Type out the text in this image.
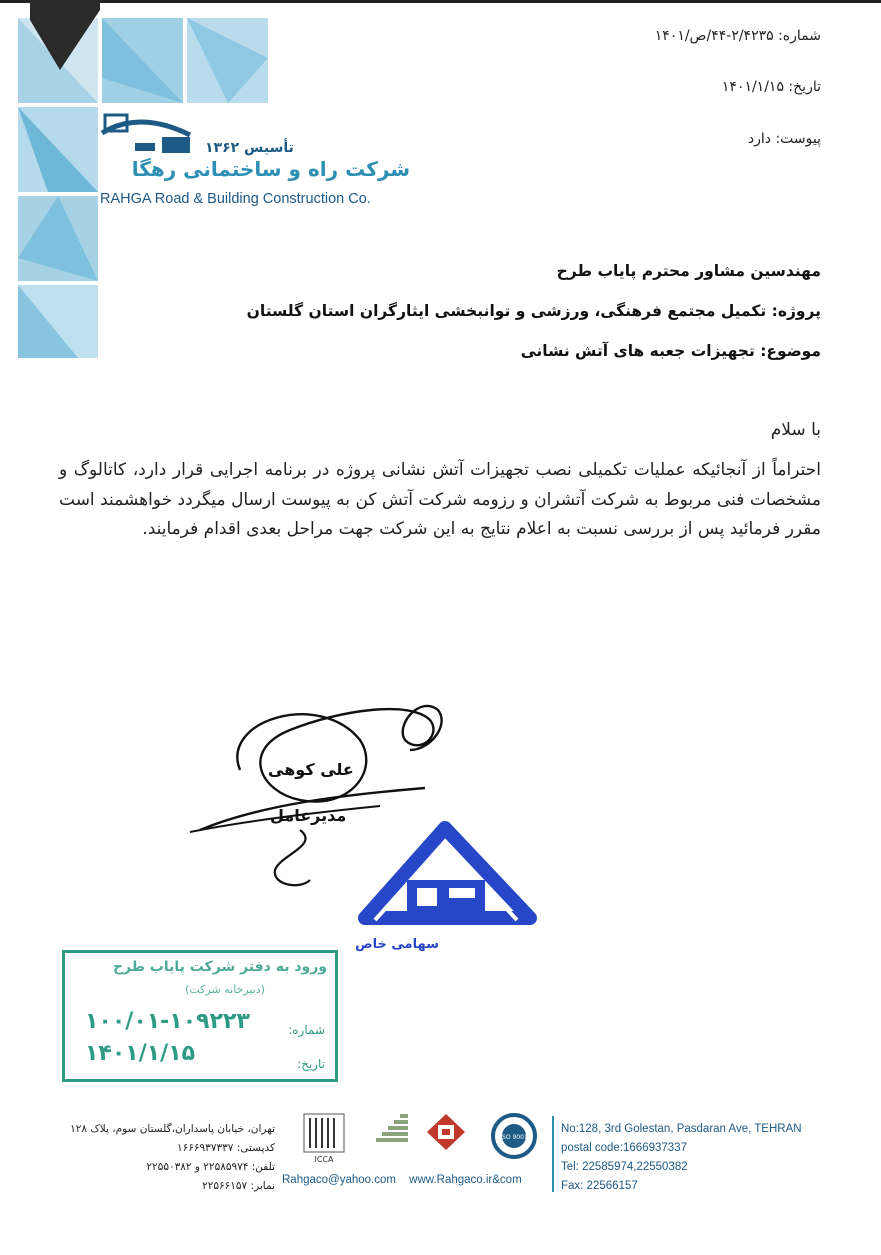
تأسیس ۱۳۶۲
شرکت راه و ساختمانی رهگا
RAHGA Road & Building Construction Co.
شماره: ۲/۴۲۳۵-۴۴/ص/۱۴۰۱
تاریخ: ۱۴۰۱/۱/۱۵
پیوست: دارد
مهندسین مشاور محترم پایاب طرح
پروژه: تکمیل مجتمع فرهنگی، ورزشی و توانبخشی ایثارگران استان گلستان
موضوع: تجهیزات جعبه های آتش نشانی
با سلام
احتراماً از آنجائیکه عملیات تکمیلی نصب تجهیزات آتش نشانی پروژه در برنامه اجرایی قرار دارد، کاتالوگ و مشخصات فنی مربوط به شرکت آتشران و رزومه شرکت آتش کن به پیوست ارسال میگردد خواهشمند است مقرر فرمائید پس از بررسی نسبت به اعلام نتایج به این شرکت جهت مراحل بعدی اقدام فرمایند.
علی کوهی
مدیرعامل
سهامی خاص
ورود به دفتر شرکت پایاب طرح
(دبیرخانه شرکت)
شماره:
۱۰۰/۰۱-۱۰۹۲۲۳
تاریخ:
۱۴۰۱/۱/۱۵
تهران، خیابان پاسداران،گلستان سوم، پلاک ۱۲۸
کدپستی: ۱۶۶۶۹۳۷۳۳۷
تلفن: ۲۲۵۸۵۹۷۴ و ۲۲۵۵۰۳۸۲
نمابر: ۲۲۵۶۶۱۵۷
ICCA
ISO 9001
Rahgaco@yahoo.com www.Rahgaco.ir&com
No:128, 3rd Golestan, Pasdaran Ave, TEHRAN
postal code:1666937337
Tel: 22585974,22550382
Fax: 22566157
